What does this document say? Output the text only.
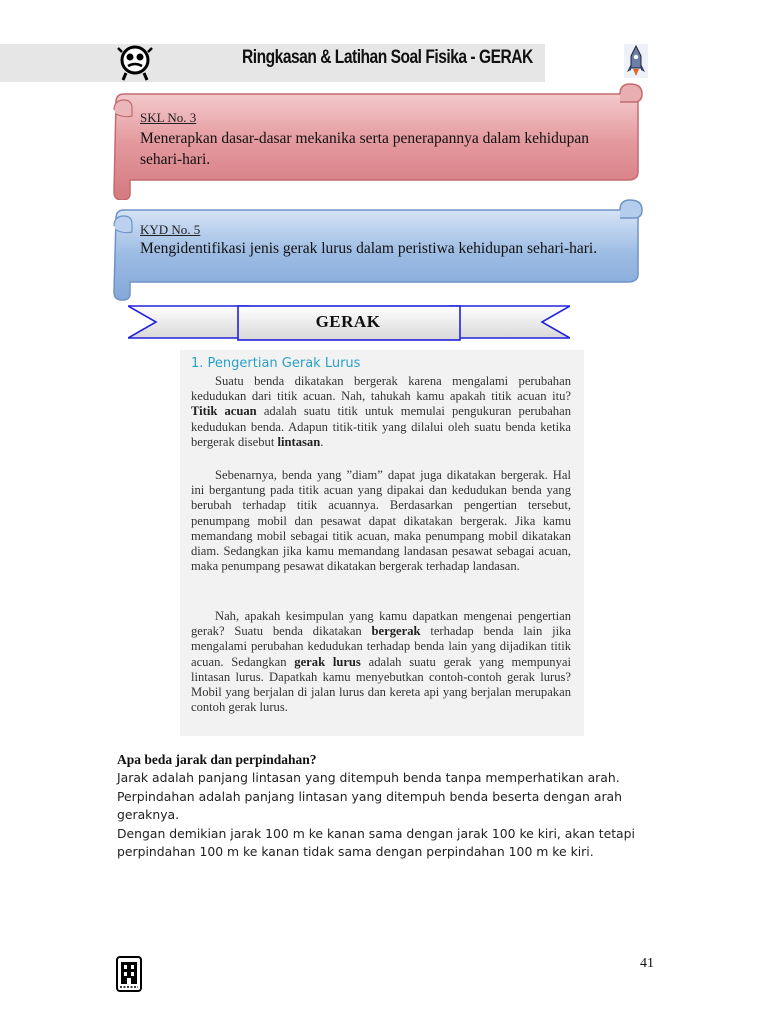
Ringkasan & Latihan Soal Fisika - GERAK
SKL No. 3
Menerapkan dasar-dasar mekanika serta penerapannya dalam kehidupan sehari-hari.
KYD No. 5
Mengidentifikasi jenis gerak lurus dalam peristiwa kehidupan sehari-hari.
GERAK
1. Pengertian Gerak Lurus
Suatu benda dikatakan bergerak karena mengalami perubahan kedudukan dari titik acuan. Nah, tahukah kamu apakah titik acuan itu? Titik acuan adalah suatu titik untuk memulai pengukuran perubahan kedudukan benda. Adapun titik-titik yang dilalui oleh suatu benda ketika bergerak disebut lintasan.
Sebenarnya, benda yang ”diam” dapat juga dikatakan bergerak. Hal ini bergantung pada titik acuan yang dipakai dan kedudukan benda yang berubah terhadap titik acuannya. Berdasarkan pengertian tersebut, penumpang mobil dan pesawat dapat dikatakan bergerak. Jika kamu memandang mobil sebagai titik acuan, maka penumpang mobil dikatakan diam. Sedangkan jika kamu memandang landasan pesawat sebagai acuan, maka penumpang pesawat dikatakan bergerak terhadap landasan.
Nah, apakah kesimpulan yang kamu dapatkan mengenai pengertian gerak? Suatu benda dikatakan bergerak terhadap benda lain jika mengalami perubahan kedudukan terhadap benda lain yang dijadikan titik acuan. Sedangkan gerak lurus adalah suatu gerak yang mempunyai lintasan lurus. Dapatkah kamu menyebutkan contoh-contoh gerak lurus? Mobil yang berjalan di jalan lurus dan kereta api yang berjalan merupakan contoh gerak lurus.
Apa beda jarak dan perpindahan?

Jarak adalah panjang lintasan yang ditempuh benda tanpa memperhatikan arah.

Perpindahan adalah panjang lintasan yang ditempuh benda beserta dengan arah geraknya.

Dengan demikian jarak 100 m ke kanan sama dengan jarak 100 ke kiri, akan tetapi perpindahan 100 m ke kanan tidak sama dengan perpindahan 100 m ke kiri.

41
